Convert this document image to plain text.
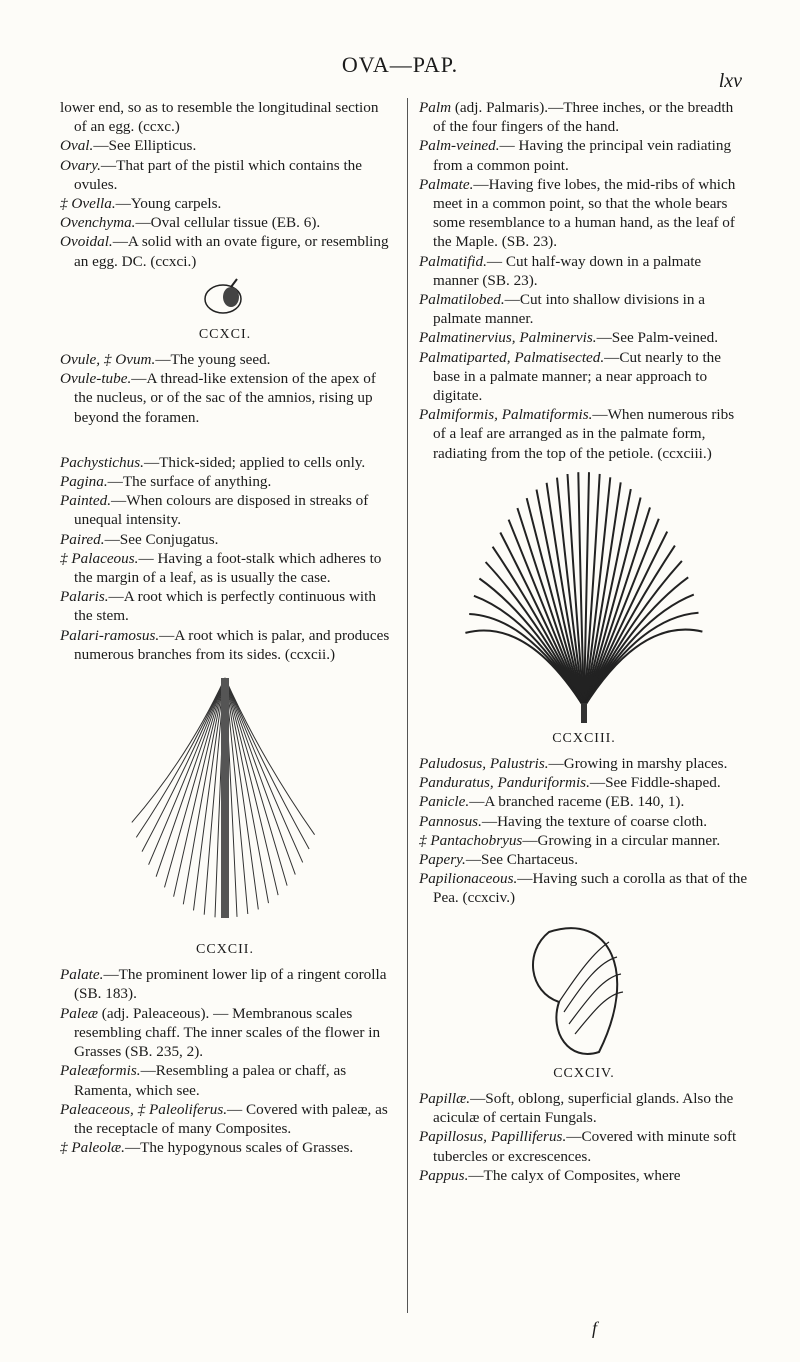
OVA—PAP.
lxv

lower end, so as to resemble the longitudinal section of an egg. (ccxc.)

Oval.—See Ellipticus.

Ovary.—That part of the pistil which contains the ovules.

‡ Ovella.—Young carpels.

Ovenchyma.—Oval cellular tissue (EB. 6).

Ovoidal.—A solid with an ovate figure, or resembling an egg. DC. (ccxci.)

CCXCI.

Ovule, ‡ Ovum.—The young seed.

Ovule-tube.—A thread-like extension of the apex of the nucleus, or of the sac of the amnios, rising up beyond the foramen.

Pachystichus.—Thick-sided; applied to cells only.

Pagina.—The surface of anything.

Painted.—When colours are disposed in streaks of unequal intensity.

Paired.—See Conjugatus.

‡ Palaceous.— Having a foot-stalk which adheres to the margin of a leaf, as is usually the case.

Palaris.—A root which is perfectly continuous with the stem.

Palari-ramosus.—A root which is palar, and produces numerous branches from its sides. (ccxcii.)

CCXCII.

Palate.—The prominent lower lip of a ringent corolla (SB. 183).

Paleæ (adj. Paleaceous). — Membranous scales resembling chaff. The inner scales of the flower in Grasses (SB. 235, 2).

Paleæformis.—Resembling a palea or chaff, as Ramenta, which see.

Paleaceous, ‡ Paleoliferus.— Covered with paleæ, as the receptacle of many Composites.

‡ Paleolæ.—The hypogynous scales of Grasses.

Palm (adj. Palmaris).—Three inches, or the breadth of the four fingers of the hand.

Palm-veined.— Having the principal vein radiating from a common point.

Palmate.—Having five lobes, the mid-ribs of which meet in a common point, so that the whole bears some resemblance to a human hand, as the leaf of the Maple. (SB. 23).

Palmatifid.— Cut half-way down in a palmate manner (SB. 23).

Palmatilobed.—Cut into shallow divisions in a palmate manner.

Palmatinervius, Palminervis.—See Palm-veined.

Palmatiparted, Palmatisected.—Cut nearly to the base in a palmate manner; a near approach to digitate.

Palmiformis, Palmatiformis.—When numerous ribs of a leaf are arranged as in the palmate form, radiating from the top of the petiole. (ccxciii.)

CCXCIII.

Paludosus, Palustris.—Growing in marshy places.

Panduratus, Panduriformis.—See Fiddle-shaped.

Panicle.—A branched raceme (EB. 140, 1).

Pannosus.—Having the texture of coarse cloth.

‡ Pantachobryus—Growing in a circular manner.

Papery.—See Chartaceus.

Papilionaceous.—Having such a corolla as that of the Pea. (ccxciv.)

CCXCIV.

Papillæ.—Soft, oblong, superficial glands. Also the aciculæ of certain Fungals.

Papillosus, Papilliferus.—Covered with minute soft tubercles or excrescences.

Pappus.—The calyx of Composites, where

f
